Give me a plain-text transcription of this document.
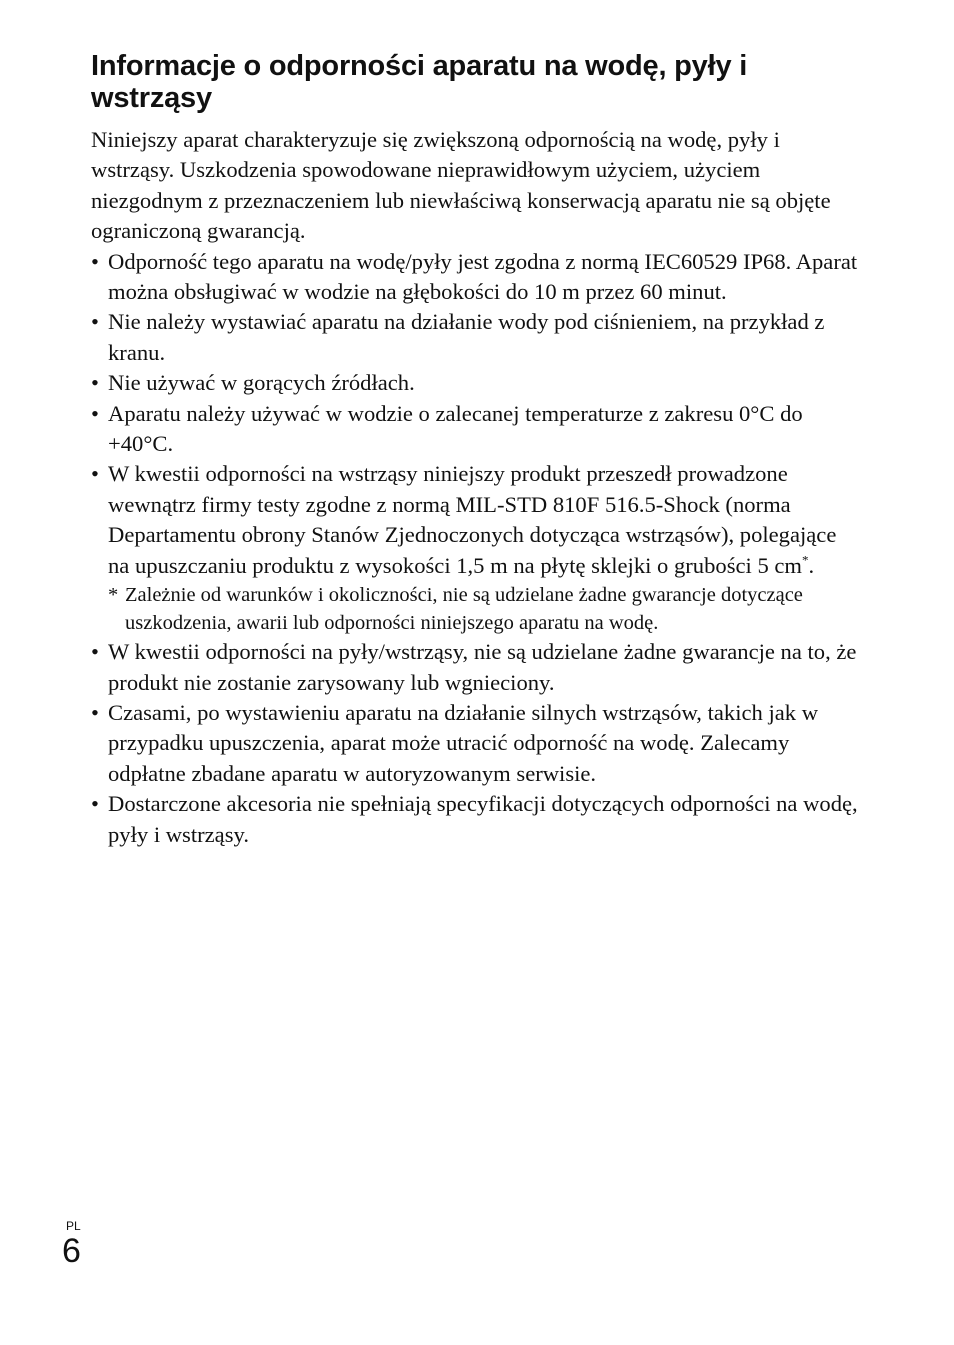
Informacje o odporności aparatu na wodę, pyły i wstrząsy

Niniejszy aparat charakteryzuje się zwiększoną odpornością na wodę, pyły i wstrząsy. Uszkodzenia spowodowane nieprawidłowym użyciem, użyciem niezgodnym z przeznaczeniem lub niewłaściwą konserwacją aparatu nie są objęte ograniczoną gwarancją.

• Odporność tego aparatu na wodę/pyły jest zgodna z normą IEC60529 IP68. Aparat można obsługiwać w wodzie na głębokości do 10 m przez 60 minut.
• Nie należy wystawiać aparatu na działanie wody pod ciśnieniem, na przykład z kranu.
• Nie używać w gorących źródłach.
• Aparatu należy używać w wodzie o zalecanej temperaturze z zakresu 0°C do +40°C.
• W kwestii odporności na wstrząsy niniejszy produkt przeszedł prowadzone wewnątrz firmy testy zgodne z normą MIL-STD 810F 516.5-Shock (norma Departamentu obrony Stanów Zjednoczonych dotycząca wstrząsów), polegające na upuszczaniu produktu z wysokości 1,5 m na płytę sklejki o grubości 5 cm*.

* Zależnie od warunków i okoliczności, nie są udzielane żadne gwarancje dotyczące uszkodzenia, awarii lub odporności niniejszego aparatu na wodę.

• W kwestii odporności na pyły/wstrząsy, nie są udzielane żadne gwarancje na to, że produkt nie zostanie zarysowany lub wgnieciony.
• Czasami, po wystawieniu aparatu na działanie silnych wstrząsów, takich jak w przypadku upuszczenia, aparat może utracić odporność na wodę. Zalecamy odpłatne zbadane aparatu w autoryzowanym serwisie.
• Dostarczone akcesoria nie spełniają specyfikacji dotyczących odporności na wodę, pyły i wstrząsy.
PL
6
